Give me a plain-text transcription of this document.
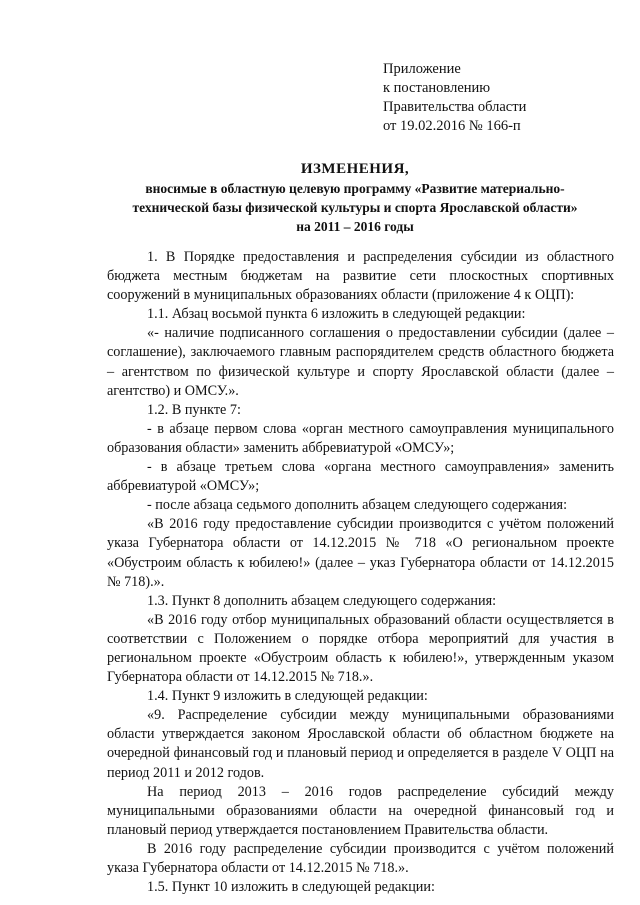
Приложение
к постановлению
Правительства области
от 19.02.2016 № 166-п
ИЗМЕНЕНИЯ,
вносимые в областную целевую программу «Развитие материально-
технической базы физической культуры и спорта Ярославской области»
на 2011 – 2016 годы

1. В Порядке предоставления и распределения субсидии из областного бюджета местным бюджетам на развитие сети плоскостных спортивных сооружений в муниципальных образованиях области (приложение 4 к ОЦП):

1.1. Абзац восьмой пункта 6 изложить в следующей редакции:

«- наличие подписанного соглашения о предоставлении субсидии (далее – соглашение), заключаемого главным распорядителем средств областного бюджета – агентством по физической культуре и спорту Ярославской области (далее – агентство) и ОМСУ.».

1.2. В пункте 7:

- в абзаце первом слова «орган местного самоуправления муниципального образования области» заменить аббревиатурой «ОМСУ»;

- в абзаце третьем слова «органа местного самоуправления» заменить аббревиатурой «ОМСУ»;

- после абзаца седьмого дополнить абзацем следующего содержания:

«В 2016 году предоставление субсидии производится с учётом положений указа Губернатора области от 14.12.2015 № 718 «О региональном проекте «Обустроим область к юбилею!» (далее – указ Губернатора области от 14.12.2015 № 718).».

1.3. Пункт 8 дополнить абзацем следующего содержания:

«В 2016 году отбор муниципальных образований области осуществляется в соответствии с Положением о порядке отбора мероприятий для участия в региональном проекте «Обустроим область к юбилею!», утвержденным указом Губернатора области от 14.12.2015 № 718.».

1.4. Пункт 9 изложить в следующей редакции:

«9. Распределение субсидии между муниципальными образованиями области утверждается законом Ярославской области об областном бюджете на очередной финансовый год и плановый период и определяется в разделе V ОЦП на период 2011 и 2012 годов.

На период 2013 – 2016 годов распределение субсидий между муниципальными образованиями области на очередной финансовый год и плановый период утверждается постановлением Правительства области.

В 2016 году распределение субсидии производится с учётом положений указа Губернатора области от 14.12.2015 № 718.».

1.5. Пункт 10 изложить в следующей редакции:
